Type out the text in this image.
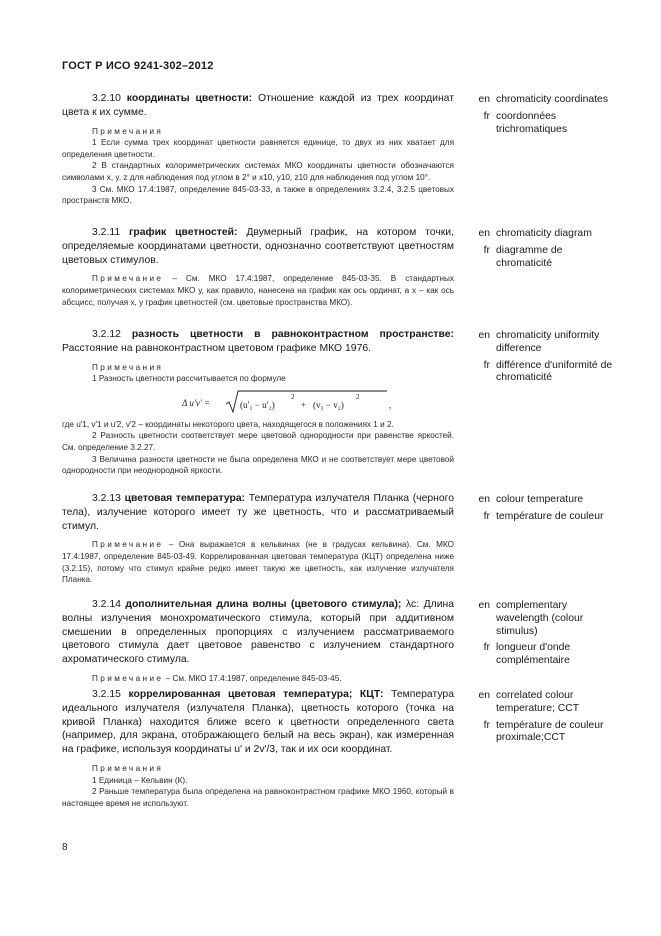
ГОСТ Р ИСО 9241-302–2012

3.2.10 координаты цветности: Отношение каждой из трех координат цвета к их сумме.

Примечания

1 Если сумма трех координат цветности равняется единице, то двух из них хватает для определения цветности.

2 В стандартных колориметрических системах МКО координаты цветности обозначаются символами x, y, z для наблюдения под углом в 2° и x10, y10, z10 для наблюдения под углом 10°.

3 См. МКО 17.4:1987, определение 845-03-33, а также в определениях 3.2.4, 3.2.5 цветовых пространств МКО.

en chromaticity coordinates
fr coordonnées trichromatiques

3.2.11 график цветностей: Двумерный график, на котором точки, определяемые координатами цветности, однозначно соответствуют цветностям цветовых стимулов.

Примечание – См. МКО 17.4:1987, определение 845-03-35. В стандартных колориметрических системах МКО y, как правило, нанесена на график как ось ординат, а x – как ось абсцисс, получая x, y график цветностей (см. цветовые пространства МКО).

en chromaticity diagram
fr diagramme de chromaticité

3.2.12 разность цветности в равноконтрастном пространстве: Расстояние на равноконтрастном цветовом графике МКО 1976.

Примечания

1 Разность цветности рассчитывается по формуле

Δ u′v′ =	(u′₁ − u′₂)
2
+ (v₁ − v₂)
2
,

где u′1, v′1 и u′2, v′2 – координаты некоторого цвета, находящегося в положениях 1 и 2.

2 Разность цветности соответствует мере цветовой однородности при равенстве яркостей. См. определение 3.2.27.

3 Величина разности цветности не была определена МКО и не соответствует мере цветовой однородности при неоднородной яркости.

en chromaticity uniformity difference
fr différence d'uniformité de chromaticité

3.2.13 цветовая температура: Температура излучателя Планка (черного тела), излучение которого имеет ту же цветность, что и рассматриваемый стимул.

Примечание – Она выражается в кельвинах (не в градусах кельвина). См. МКО 17.4:1987, определение 845-03-49. Коррелированная цветовая температура (КЦТ) определена ниже (3.2.15), потому что стимул крайне редко имеет такую же цветность, как излучение излучателя Планка.

en colour temperature
fr température de couleur

3.2.14 дополнительная длина волны (цветового стимула); λc: Длина волны излучения монохроматического стимула, который при аддитивном смешении в определенных пропорциях с излучением рассматриваемого цветового стимула дает цветовое равенство с излучением стандартного ахроматического стимула.

Примечание – См. МКО 17.4:1987, определение 845-03-45.

en complementary wavelength (colour stimulus)
fr longueur d'onde complémentaire

3.2.15 коррелированная цветовая температура; КЦТ: Температура идеального излучателя (излучателя Планка), цветность которого (точка на кривой Планка) находится ближе всего к цветности определенного света (например, для экрана, отображающего белый на весь экран), как измеренная на графике, используя координаты u′ и 2v′/3, так и их оси координат.

Примечания

1 Единица – Кельвин (К).

2 Раньше температура была определена на равноконтрастном графике МКО 1960, который в настоящее время не используют.

en correlated colour temperature; CCT
fr température de couleur proximale;CCT
8
